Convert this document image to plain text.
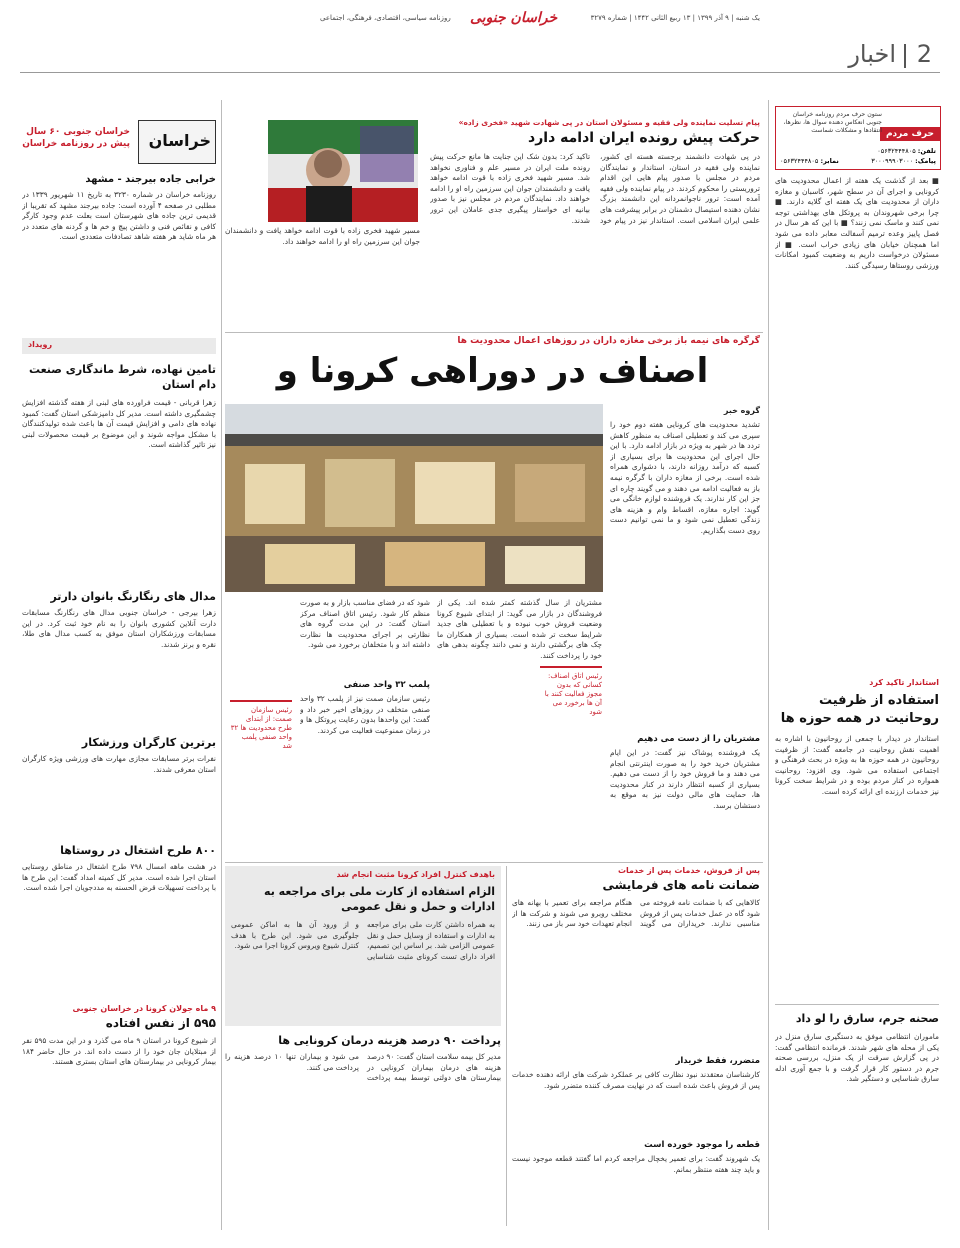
2
اخبار
خراسان جنوبی
روزنامه سیاسی، اقتصادی، فرهنگی، اجتماعی	یک شنبه | ۹ آذر ۱۳۹۹ | ۱۳ ربیع الثانی ۱۴۴۲ | شماره ۳۲۷۹
حرف مردم
ستون حرف مردم روزنامه خراسان جنوبی انعکاس دهنده سوال ها، نظرها، انتقادها و مشکلات شماست
تلفن: ۰۵۶۳۲۴۴۴۸۰۵
پیامک: ۳۰۰۰۹۹۹۰۳۰۰۰
نمابر: ۰۵۶۳۲۴۴۴۸۰۵
■ بعد از گذشت یک هفته از اعمال محدودیت های کرونایی و اجرای آن در سطح شهر، کاسبان و مغازه داران از محدودیت های یک هفته ای گلایه دارند. ■ چرا برخی شهروندان به پروتکل های بهداشتی توجه نمی کنند و ماسک نمی زنند؟ ■ با این که هر سال در فصل پاییز وعده ترمیم آسفالت معابر داده می شود اما همچنان خیابان های زیادی خراب است. ■ از مسئولان درخواست داریم به وضعیت کمبود امکانات ورزشی روستاها رسیدگی کنند.
استاندار تاکید کرد
استفاده از ظرفیت روحانیت در همه حوزه ها
استاندار در دیدار با جمعی از روحانیون با اشاره به اهمیت نقش روحانیت در جامعه گفت: از ظرفیت روحانیون در همه حوزه ها به ویژه در بحث فرهنگی و اجتماعی استفاده می شود. وی افزود: روحانیت همواره در کنار مردم بوده و در شرایط سخت کرونا نیز خدمات ارزنده ای ارائه کرده است.
صحنه جرم، سارق را لو داد
ماموران انتظامی موفق به دستگیری سارق منزل در یکی از محله های شهر شدند. فرمانده انتظامی گفت: در پی گزارش سرقت از یک منزل، بررسی صحنه جرم در دستور کار قرار گرفت و با جمع آوری ادله سارق شناسایی و دستگیر شد.
پیام تسلیت نماینده ولی فقیه و مسئولان استان در پی شهادت شهید «فخری زاده»
حرکت پیش رونده ایران ادامه دارد
در پی شهادت دانشمند برجسته هسته ای کشور، نماینده ولی فقیه در استان، استاندار و نمایندگان مردم در مجلس با صدور پیام هایی این اقدام تروریستی را محکوم کردند. در پیام نماینده ولی فقیه آمده است: ترور ناجوانمردانه این دانشمند بزرگ نشان دهنده استیصال دشمنان در برابر پیشرفت های علمی ایران اسلامی است. استاندار نیز در پیام خود تاکید کرد: بدون شک این جنایت ها مانع حرکت پیش رونده ملت ایران در مسیر علم و فناوری نخواهد شد. مسیر شهید فخری زاده با قوت ادامه خواهد یافت و دانشمندان جوان این سرزمین راه او را ادامه خواهند داد. نمایندگان مردم در مجلس نیز با صدور بیانیه ای خواستار پیگیری جدی عاملان این ترور شدند.
مسیر شهید فخری زاده با قوت ادامه خواهد یافت و دانشمندان جوان این سرزمین راه او را ادامه خواهند داد.
خراسان
خراسان جنوبی ۶۰ سال پیش در روزنامه خراسان
خرابی جاده بیرجند - مشهد
روزنامه خراسان در شماره ۳۲۳۰ به تاریخ ۱۱ شهریور ۱۳۳۹ در مطلبی در صفحه ۴ آورده است: جاده بیرجند مشهد که تقریبا از قدیمی ترین جاده های شهرستان است بعلت عدم وجود کارگر کافی و نقائص فنی و داشتن پیچ و خم ها و گردنه های متعدد در هر ماه شاید هر هفته شاهد تصادفات متعددی است.
رویداد
تامین نهاده، شرط ماندگاری صنعت دام استان
زهرا قربانی - قیمت فراورده های لبنی از هفته گذشته افزایش چشمگیری داشته است. مدیر کل دامپزشکی استان گفت: کمبود نهاده های دامی و افزایش قیمت آن ها باعث شده تولیدکنندگان با مشکل مواجه شوند و این موضوع بر قیمت محصولات لبنی نیز تاثیر گذاشته است.
مدال های رنگارنگ بانوان دارتر
زهرا بیرجی - خراسان جنوبی مدال های رنگارنگ مسابقات دارت آنلاین کشوری بانوان را به نام خود ثبت کرد. در این مسابقات ورزشکاران استان موفق به کسب مدال های طلا، نقره و برنز شدند.
برترین کارگران ورزشکار
نفرات برتر مسابقات مجازی مهارت های ورزشی ویژه کارگران استان معرفی شدند.
۸۰۰ طرح اشتغال در روستاها
در هشت ماهه امسال ۷۹۸ طرح اشتغال در مناطق روستایی استان اجرا شده است. مدیر کل کمیته امداد گفت: این طرح ها با پرداخت تسهیلات قرض الحسنه به مددجویان اجرا شده است.
۹ ماه جولان کرونا در خراسان جنوبی
۵۹۵ از نفس افتاده
از شیوع کرونا در استان ۹ ماه می گذرد و در این مدت ۵۹۵ نفر از مبتلایان جان خود را از دست داده اند. در حال حاضر ۱۸۴ بیمار کرونایی در بیمارستان های استان بستری هستند.
گرگره های نیمه باز برخی مغازه داران در روزهای اعمال محدودیت ها
اصناف در دوراهی کرونا و
گروه خبر
تشدید محدودیت های کرونایی هفته دوم خود را سپری می کند و تعطیلی اصناف به منظور کاهش تردد ها در شهر به ویژه در بازار ادامه دارد. با این حال اجرای این محدودیت ها برای بسیاری از کسبه که درآمد روزانه دارند، با دشواری همراه شده است. برخی از مغازه داران با گرگره نیمه باز به فعالیت ادامه می دهند و می گویند چاره ای جز این کار ندارند. یک فروشنده لوازم خانگی می گوید: اجاره مغازه، اقساط وام و هزینه های زندگی تعطیل نمی شود و ما نمی توانیم دست روی دست بگذاریم.
مشتریان را از دست می دهیم
یک فروشنده پوشاک نیز گفت: در این ایام مشتریان خرید خود را به صورت اینترنتی انجام می دهند و ما فروش خود را از دست می دهیم. بسیاری از کسبه انتظار دارند در کنار محدودیت ها، حمایت های مالی دولت نیز به موقع به دستشان برسد.
مشتریان از سال گذشته کمتر شده اند. یکی از فروشندگان در بازار می گوید: از ابتدای شیوع کرونا وضعیت فروش خوب نبوده و با تعطیلی های جدید شرایط سخت تر شده است. بسیاری از همکاران ما چک های برگشتی دارند و نمی دانند چگونه بدهی های خود را پرداخت کنند.
رئیس اتاق اصناف: کسانی که بدون مجوز فعالیت کنند با آن ها برخورد می شود
شود که در فضای مناسب بازار و به صورت منظم کار شود. رئیس اتاق اصناف مرکز استان گفت: در این مدت گروه های نظارتی بر اجرای محدودیت ها نظارت داشته اند و با متخلفان برخورد می شود.
پلمب ۳۲ واحد صنفی
رئیس سازمان صمت نیز از پلمب ۳۲ واحد صنفی متخلف در روزهای اخیر خبر داد و گفت: این واحدها بدون رعایت پروتکل ها و در زمان ممنوعیت فعالیت می کردند.
رئیس سازمان صمت: از ابتدای طرح محدودیت ها ۳۲ واحد صنفی پلمب شد
پس از فروش، خدمات پس از خدمات
ضمانت نامه های فرمایشی
کالاهایی که با ضمانت نامه فروخته می شود گاه در عمل خدمات پس از فروش مناسبی ندارند. خریداران می گویند هنگام مراجعه برای تعمیر با بهانه های مختلف روبرو می شوند و شرکت ها از انجام تعهدات خود سر باز می زنند.
متضرر، فقط خریدار
کارشناسان معتقدند نبود نظارت کافی بر عملکرد شرکت های ارائه دهنده خدمات پس از فروش باعث شده است که در نهایت مصرف کننده متضرر شود.
قطعه را موجود خورده است
یک شهروند گفت: برای تعمیر یخچال مراجعه کردم اما گفتند قطعه موجود نیست و باید چند هفته منتظر بمانم.
باهدف کنترل افراد کرونا مثبت انجام شد
الزام استفاده از کارت ملی برای مراجعه به ادارات و حمل و نقل عمومی
به همراه داشتن کارت ملی برای مراجعه به ادارات و استفاده از وسایل حمل و نقل عمومی الزامی شد. بر اساس این تصمیم، افراد دارای تست کرونای مثبت شناسایی و از ورود آن ها به اماکن عمومی جلوگیری می شود. این طرح با هدف کنترل شیوع ویروس کرونا اجرا می شود.
پرداخت ۹۰ درصد هزینه درمان کرونایی ها
مدیر کل بیمه سلامت استان گفت: ۹۰ درصد هزینه های درمان بیماران کرونایی در بیمارستان های دولتی توسط بیمه پرداخت می شود و بیماران تنها ۱۰ درصد هزینه را پرداخت می کنند.
